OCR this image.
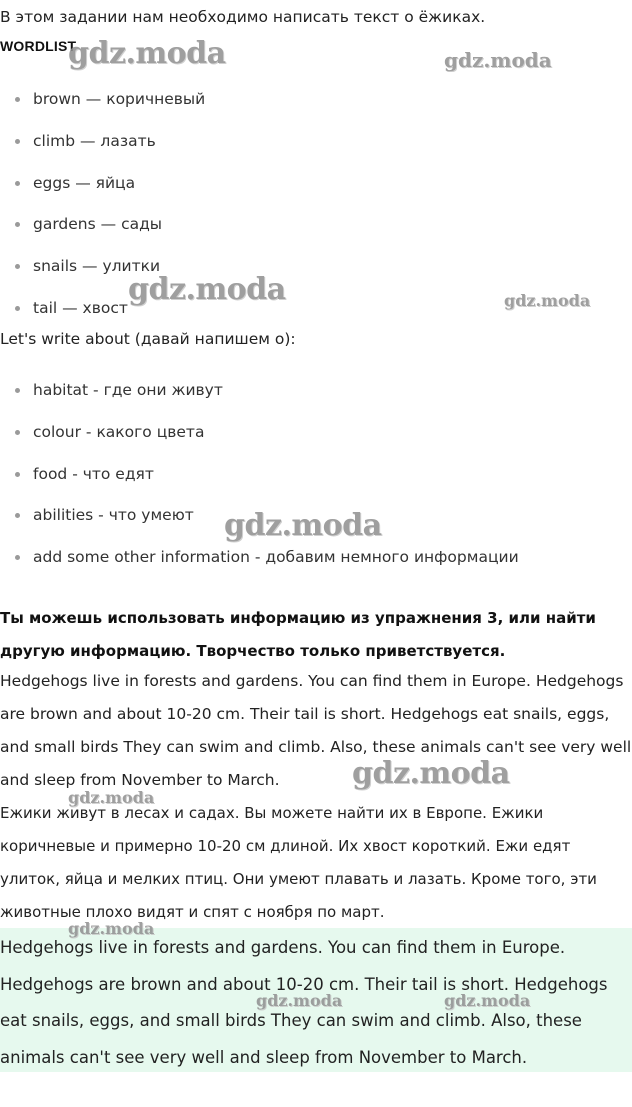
В этом задании нам необходимо написать текст о ёжиках.
WORDLIST
brown — коричневый
climb — лазать
eggs — яйца
gardens — сады
snails — улитки
tail — хвост
Let's write about (давай напишем о):
habitat - где они живут
colour - какого цвета
food - что едят
abilities - что умеют
add some other information - добавим немного информации
Ты можешь использовать информацию из упражнения 3, или найти другую информацию. Творчество только приветствуется.
Hedgehogs live in forests and gardens. You can find them in Europe. Hedgehogs are brown and about 10-20 cm. Their tail is short. Hedgehogs eat snails, eggs, and small birds They can swim and climb. Also, these animals can't see very well and sleep from November to March.
Ежики живут в лесах и садах. Вы можете найти их в Европе. Ежики коричневые и примерно 10-20 см длиной. Их хвост короткий. Ежи едят улиток, яйца и мелких птиц. Они умеют плавать и лазать. Кроме того, эти животные плохо видят и спят с ноября по март.
Hedgehogs live in forests and gardens. You can find them in Europe. Hedgehogs are brown and about 10-20 cm. Their tail is short. Hedgehogs eat snails, eggs, and small birds They can swim and climb. Also, these animals can't see very well and sleep from November to March.
gdz.moda	gdz.moda
gdz.moda	gdz.moda
gdz.moda
gdz.moda
gdz.moda
gdz.moda
gdz.moda	gdz.moda
